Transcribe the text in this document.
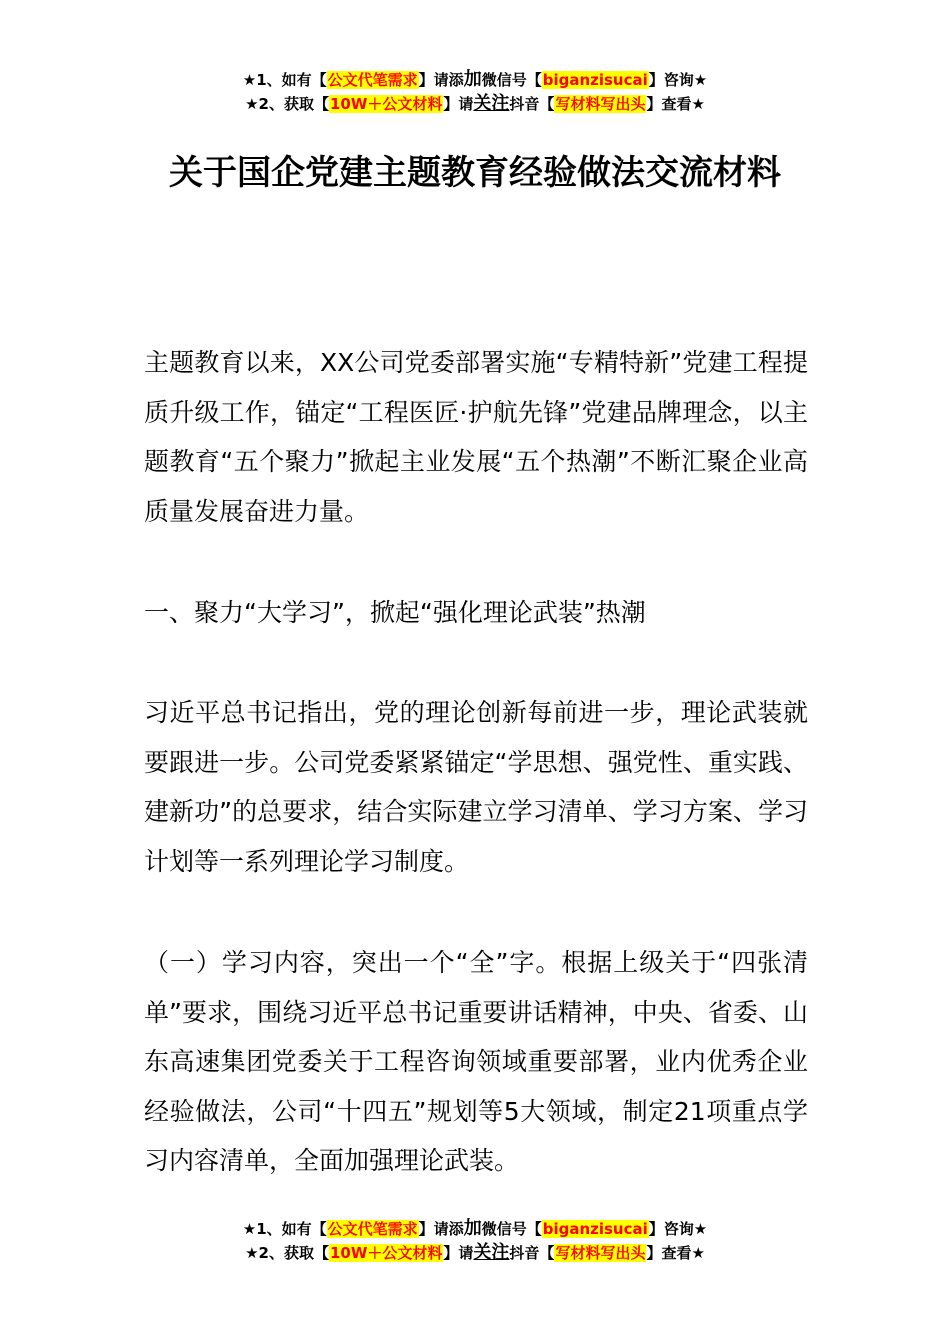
★1、如有【公文代笔需求】请添加微信号【biganzisucai】咨询★
★2、获取【10W＋公文材料】请关注抖音【写材料写出头】查看★
关于国企党建主题教育经验做法交流材料

主题教育以来，XX公司党委部署实施“专精特新”党建工程提质升级工作，锚定“工程医匠·护航先锋”党建品牌理念，以主题教育“五个聚力”掀起主业发展“五个热潮”不断汇聚企业高质量发展奋进力量。

一、聚力“大学习”，掀起“强化理论武装”热潮

习近平总书记指出，党的理论创新每前进一步，理论武装就要跟进一步。公司党委紧紧锚定“学思想、强党性、重实践、建新功”的总要求，结合实际建立学习清单、学习方案、学习计划等一系列理论学习制度。

（一）学习内容，突出一个“全”字。根据上级关于“四张清单”要求，围绕习近平总书记重要讲话精神，中央、省委、山东高速集团党委关于工程咨询领域重要部署，业内优秀企业经验做法，公司“十四五”规划等5大领域，制定21项重点学习内容清单，全面加强理论武装。

★1、如有【公文代笔需求】请添加微信号【biganzisucai】咨询★
★2、获取【10W＋公文材料】请关注抖音【写材料写出头】查看★
